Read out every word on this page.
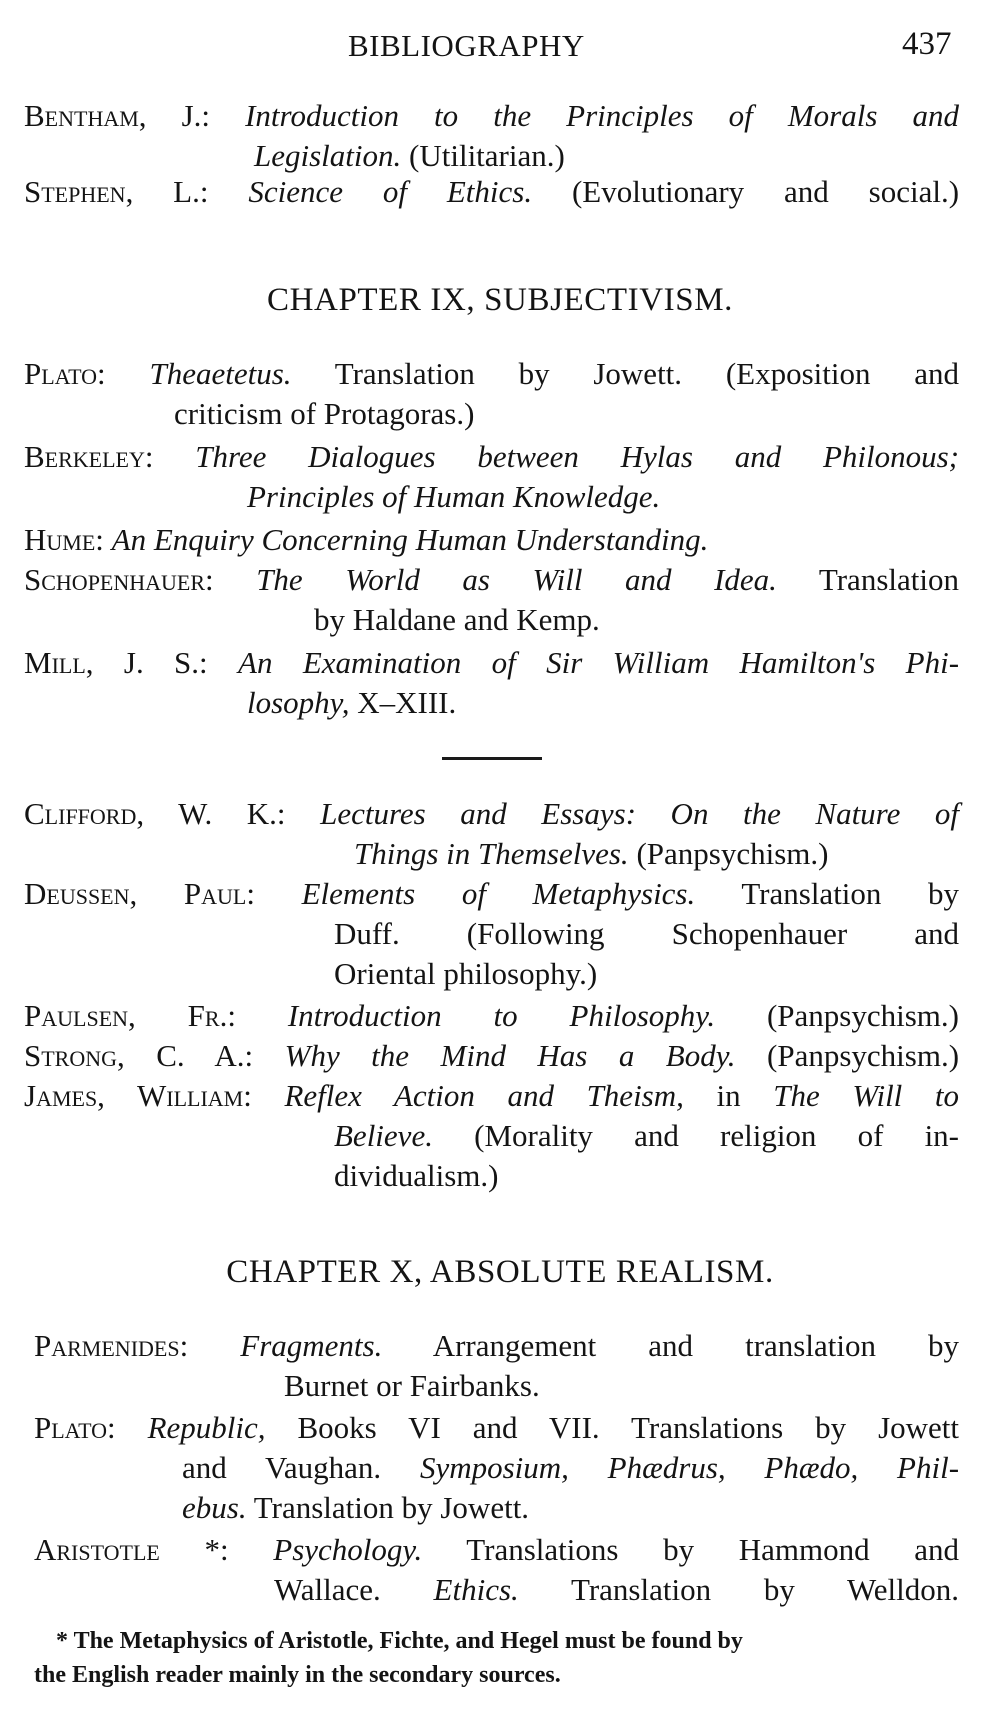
BIBLIOGRAPHY	437
Bentham, J.: Introduction to the Principles of Morals and
Legislation. (Utilitarian.)
Stephen, L.: Science of Ethics. (Evolutionary and social.)
CHAPTER IX, SUBJECTIVISM.
Plato: Theaetetus. Translation by Jowett. (Exposition and
criticism of Protagoras.)
Berkeley: Three Dialogues between Hylas and Philonous;
Principles of Human Knowledge.
Hume: An Enquiry Concerning Human Understanding.
Schopenhauer: The World as Will and Idea. Translation
by Haldane and Kemp.
Mill, J. S.: An Examination of Sir William Hamilton's Phi-
losophy, X–XIII.
Clifford, W. K.: Lectures and Essays: On the Nature of
Things in Themselves. (Panpsychism.)
Deussen, Paul: Elements of Metaphysics. Translation by
Duff. (Following Schopenhauer and
Oriental philosophy.)
Paulsen, Fr.: Introduction to Philosophy. (Panpsychism.)
Strong, C. A.: Why the Mind Has a Body. (Panpsychism.)
James, William: Reflex Action and Theism, in The Will to
Believe. (Morality and religion of in-
dividualism.)
CHAPTER X, ABSOLUTE REALISM.
Parmenides: Fragments. Arrangement and translation by
Burnet or Fairbanks.
Plato: Republic, Books VI and VII. Translations by Jowett
and Vaughan. Symposium, Phædrus, Phædo, Phil-
ebus. Translation by Jowett.
Aristotle *: Psychology. Translations by Hammond and
Wallace. Ethics. Translation by Welldon.
* The Metaphysics of Aristotle, Fichte, and Hegel must be found by
the English reader mainly in the secondary sources.
